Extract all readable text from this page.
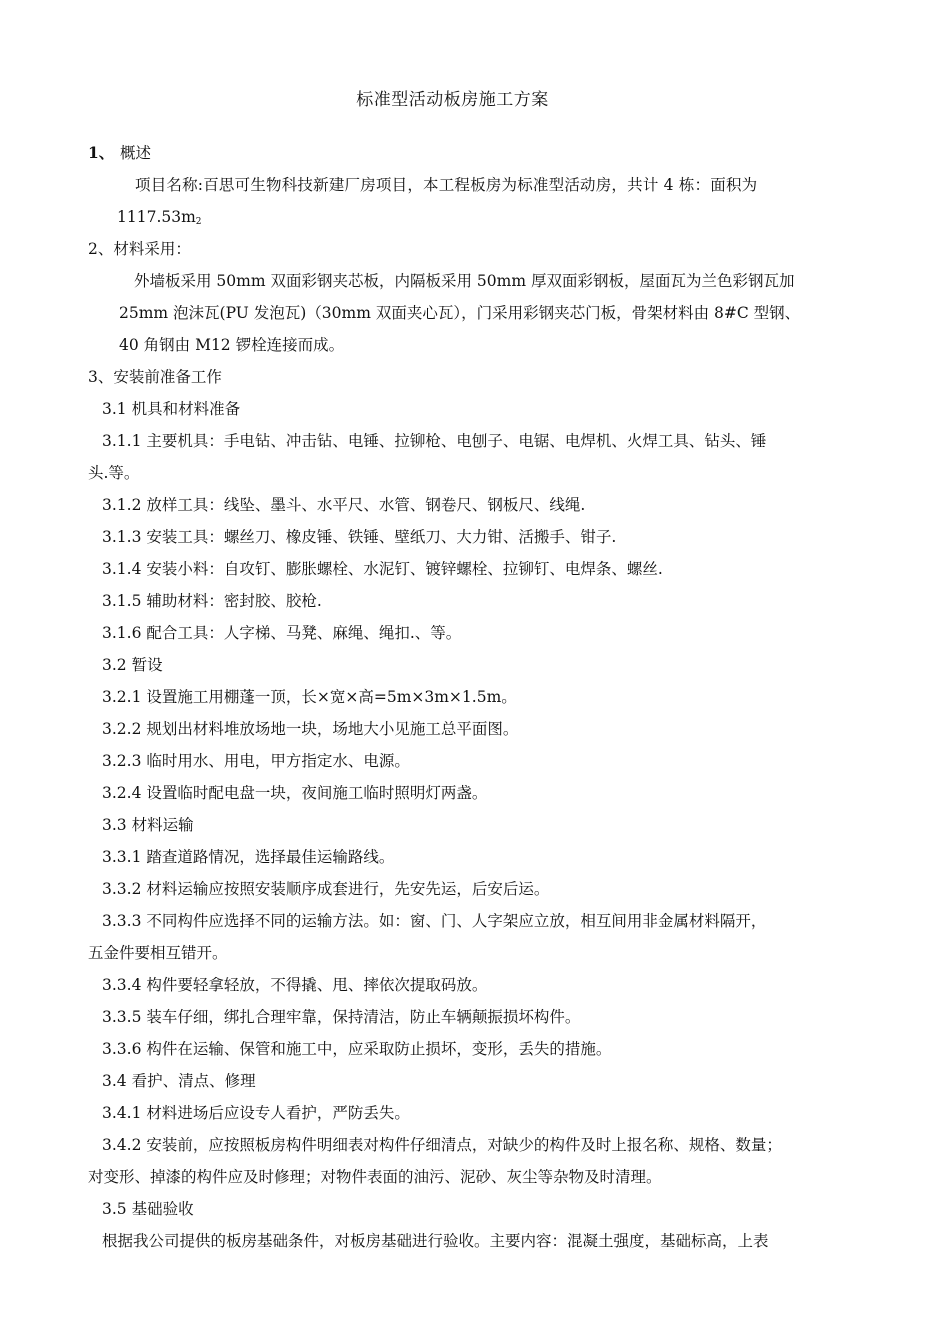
标准型活动板房施工方案
1、 概述
项目名称:百思可生物科技新建厂房项目，本工程板房为标准型活动房，共计 4 栋：面积为
$1117.53m^2$
2、材料采用：
外墙板采用 50mm 双面彩钢夹芯板，内隔板采用 50mm 厚双面彩钢板，屋面瓦为兰色彩钢瓦加
25mm 泡沫瓦(PU 发泡瓦)（30mm 双面夹心瓦），门采用彩钢夹芯门板，骨架材料由 8#C 型钢、
40 角钢由 M12 锣栓连接而成。
3、安装前准备工作
3.1 机具和材料准备
3.1.1 主要机具：手电钻、冲击钻、电锤、拉铆枪、电刨子、电锯、电焊机、火焊工具、钻头、锤
头.等。
3.1.2 放样工具：线坠、墨斗、水平尺、水管、钢卷尺、钢板尺、线绳.
3.1.3 安装工具：螺丝刀、橡皮锤、铁锤、壁纸刀、大力钳、活搬手、钳子.
3.1.4 安装小料：自攻钉、膨胀螺栓、水泥钉、镀锌螺栓、拉铆钉、电焊条、螺丝.
3.1.5 辅助材料：密封胶、胶枪.
3.1.6 配合工具：人字梯、马凳、麻绳、绳扣.、等。
3.2 暂设
3.2.1 设置施工用棚蓬一顶，长×宽×高=5m×3m×1.5m。
3.2.2 规划出材料堆放场地一块，场地大小见施工总平面图。
3.2.3 临时用水、用电，甲方指定水、电源。
3.2.4 设置临时配电盘一块，夜间施工临时照明灯两盏。
3.3 材料运输
3.3.1 踏查道路情况，选择最佳运输路线。
3.3.2 材料运输应按照安装顺序成套进行，先安先运，后安后运。
3.3.3 不同构件应选择不同的运输方法。如：窗、门、人字架应立放，相互间用非金属材料隔开，
五金件要相互错开。
3.3.4 构件要轻拿轻放，不得撬、甩、摔依次提取码放。
3.3.5 装车仔细，绑扎合理牢靠，保持清洁，防止车辆颠振损坏构件。
3.3.6 构件在运输、保管和施工中，应采取防止损坏，变形，丢失的措施。
3.4 看护、清点、修理
3.4.1 材料进场后应设专人看护，严防丢失。
3.4.2 安装前，应按照板房构件明细表对构件仔细清点，对缺少的构件及时上报名称、规格、数量；
对变形、掉漆的构件应及时修理；对物件表面的油污、泥砂、灰尘等杂物及时清理。
3.5 基础验收
根据我公司提供的板房基础条件，对板房基础进行验收。主要内容：混凝土强度，基础标高，上表
